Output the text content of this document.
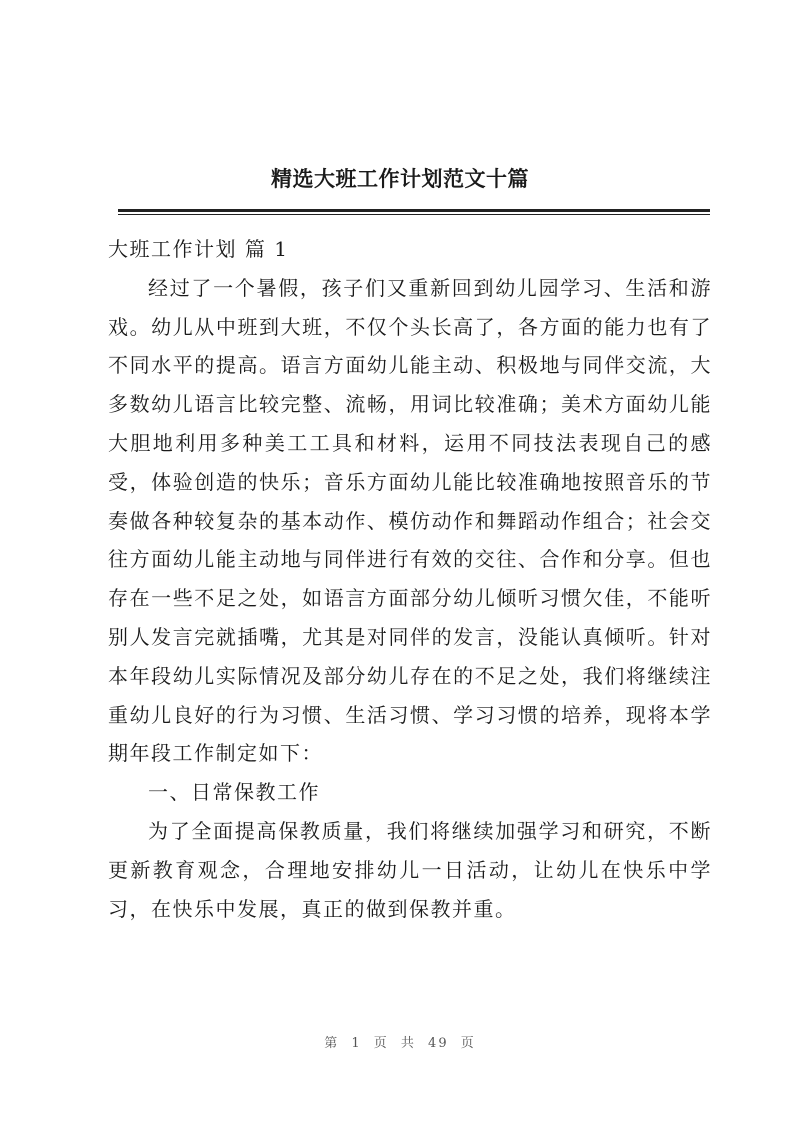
精选大班工作计划范文十篇

大班工作计划 篇 1

经过了一个暑假，孩子们又重新回到幼儿园学习、生活和游戏。幼儿从中班到大班，不仅个头长高了，各方面的能力也有了不同水平的提高。语言方面幼儿能主动、积极地与同伴交流，大多数幼儿语言比较完整、流畅，用词比较准确；美术方面幼儿能大胆地利用多种美工工具和材料，运用不同技法表现自己的感受，体验创造的快乐；音乐方面幼儿能比较准确地按照音乐的节奏做各种较复杂的基本动作、模仿动作和舞蹈动作组合；社会交往方面幼儿能主动地与同伴进行有效的交往、合作和分享。但也存在一些不足之处，如语言方面部分幼儿倾听习惯欠佳，不能听别人发言完就插嘴，尤其是对同伴的发言，没能认真倾听。针对本年段幼儿实际情况及部分幼儿存在的不足之处，我们将继续注重幼儿良好的行为习惯、生活习惯、学习习惯的培养，现将本学期年段工作制定如下：

一、日常保教工作

为了全面提高保教质量，我们将继续加强学习和研究，不断更新教育观念，合理地安排幼儿一日活动，让幼儿在快乐中学习，在快乐中发展，真正的做到保教并重。

第 1 页 共 49 页
